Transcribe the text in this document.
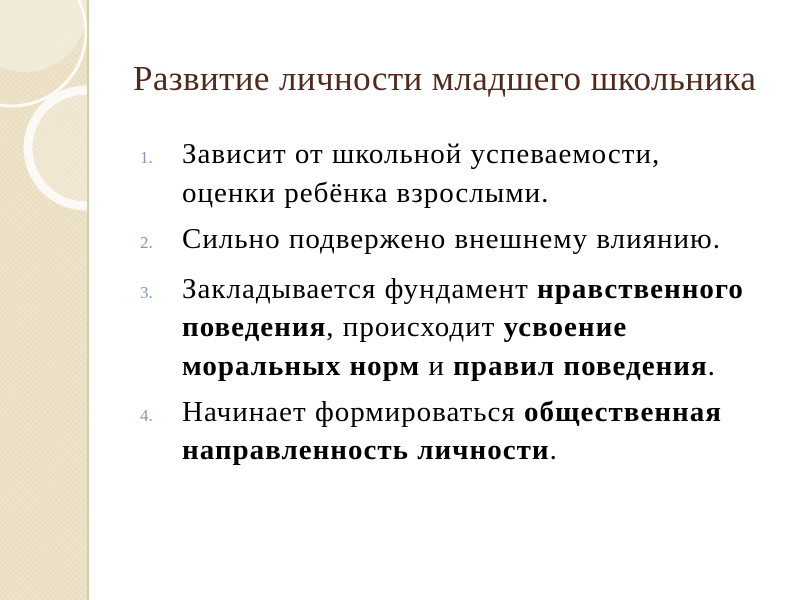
Развитие личности младшего школьника
1.	Зависит от школьной успеваемости,
оценки ребёнка взрослыми.
2.	Сильно подвержено внешнему влиянию.
3.	Закладывается фундамент нравственного
поведения, происходит усвоение
моральных норм и правил поведения.
4.	Начинает формироваться общественная
направленность личности.
